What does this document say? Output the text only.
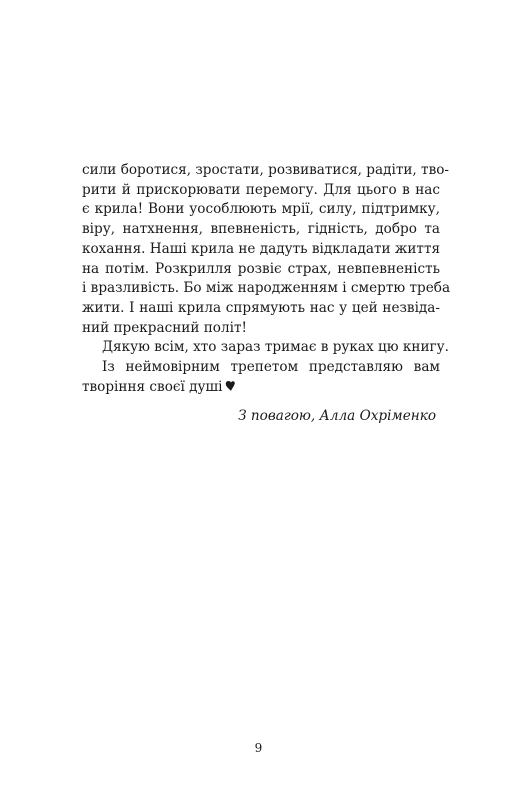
сили боротися, зростати, розвиватися, радіти, тво-
рити й прискорювати перемогу. Для цього в нас
є крила! Вони уособлюють мрії, силу, підтримку,
віру, натхнення, впевненість, гідність, добро та
кохання. Наші крила не дадуть відкладати життя
на потім. Розкрилля розвіє страх, невпевненість
і вразливість. Бо між народженням і смертю треба
жити. І наші крила спрямують нас у цей незвіда-
ний прекрасний політ!
Дякую всім, хто зараз тримає в руках цю книгу.
Із неймовірним трепетом представляю вам
творіння своєї душі
З повагою, Алла Охріменко
9
